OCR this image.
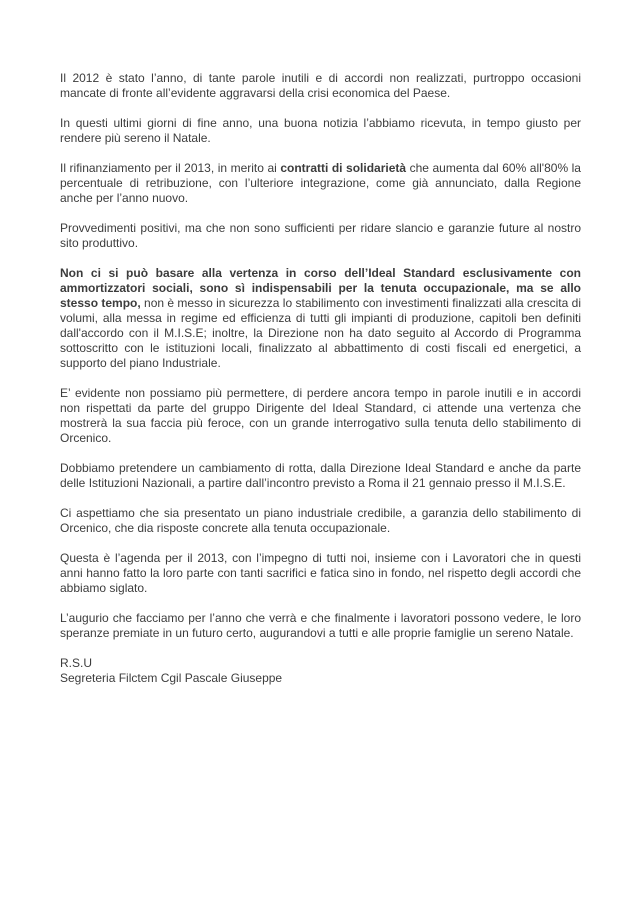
Il 2012 è stato l’anno, di tante parole inutili e di accordi non realizzati, purtroppo occasioni mancate di fronte all’evidente aggravarsi della crisi economica del Paese.

In questi ultimi giorni di fine anno, una buona notizia l’abbiamo ricevuta, in tempo giusto per rendere più sereno il Natale.

Il rifinanziamento per il 2013, in merito ai contratti di solidarietà che aumenta dal 60% all'80% la percentuale di retribuzione, con l’ulteriore integrazione, come già annunciato, dalla Regione anche per l’anno nuovo.

Provvedimenti positivi, ma che non sono sufficienti per ridare slancio e garanzie future al nostro sito produttivo.

Non ci si può basare alla vertenza in corso dell’Ideal Standard esclusivamente con ammortizzatori sociali, sono sì indispensabili per la tenuta occupazionale, ma se allo stesso tempo, non è messo in sicurezza lo stabilimento con investimenti finalizzati alla crescita di volumi, alla messa in regime ed efficienza di tutti gli impianti di produzione, capitoli ben definiti dall'accordo con il M.I.S.E; inoltre, la Direzione non ha dato seguito al Accordo di Programma sottoscritto con le istituzioni locali, finalizzato al abbattimento di costi fiscali ed energetici, a supporto del piano Industriale.

E’ evidente non possiamo più permettere, di perdere ancora tempo in parole inutili e in accordi non rispettati da parte del gruppo Dirigente del Ideal Standard, ci attende una vertenza che mostrerà la sua faccia più feroce, con un grande interrogativo sulla tenuta dello stabilimento di Orcenico.

Dobbiamo pretendere un cambiamento di rotta, dalla Direzione Ideal Standard e anche da parte delle Istituzioni Nazionali, a partire dall’incontro previsto a Roma il 21 gennaio presso il M.I.S.E.

Ci aspettiamo che sia presentato un piano industriale credibile, a garanzia dello stabilimento di Orcenico, che dia risposte concrete alla tenuta occupazionale.

Questa è l’agenda per il 2013, con l’impegno di tutti noi, insieme con i Lavoratori che in questi anni hanno fatto la loro parte con tanti sacrifici e fatica sino in fondo, nel rispetto degli accordi che abbiamo siglato.

L’augurio che facciamo per l’anno che verrà e che finalmente i lavoratori possono vedere, le loro speranze premiate in un futuro certo, augurandovi a tutti e alle proprie famiglie un sereno Natale.

R.S.U

Segreteria Filctem Cgil Pascale Giuseppe
